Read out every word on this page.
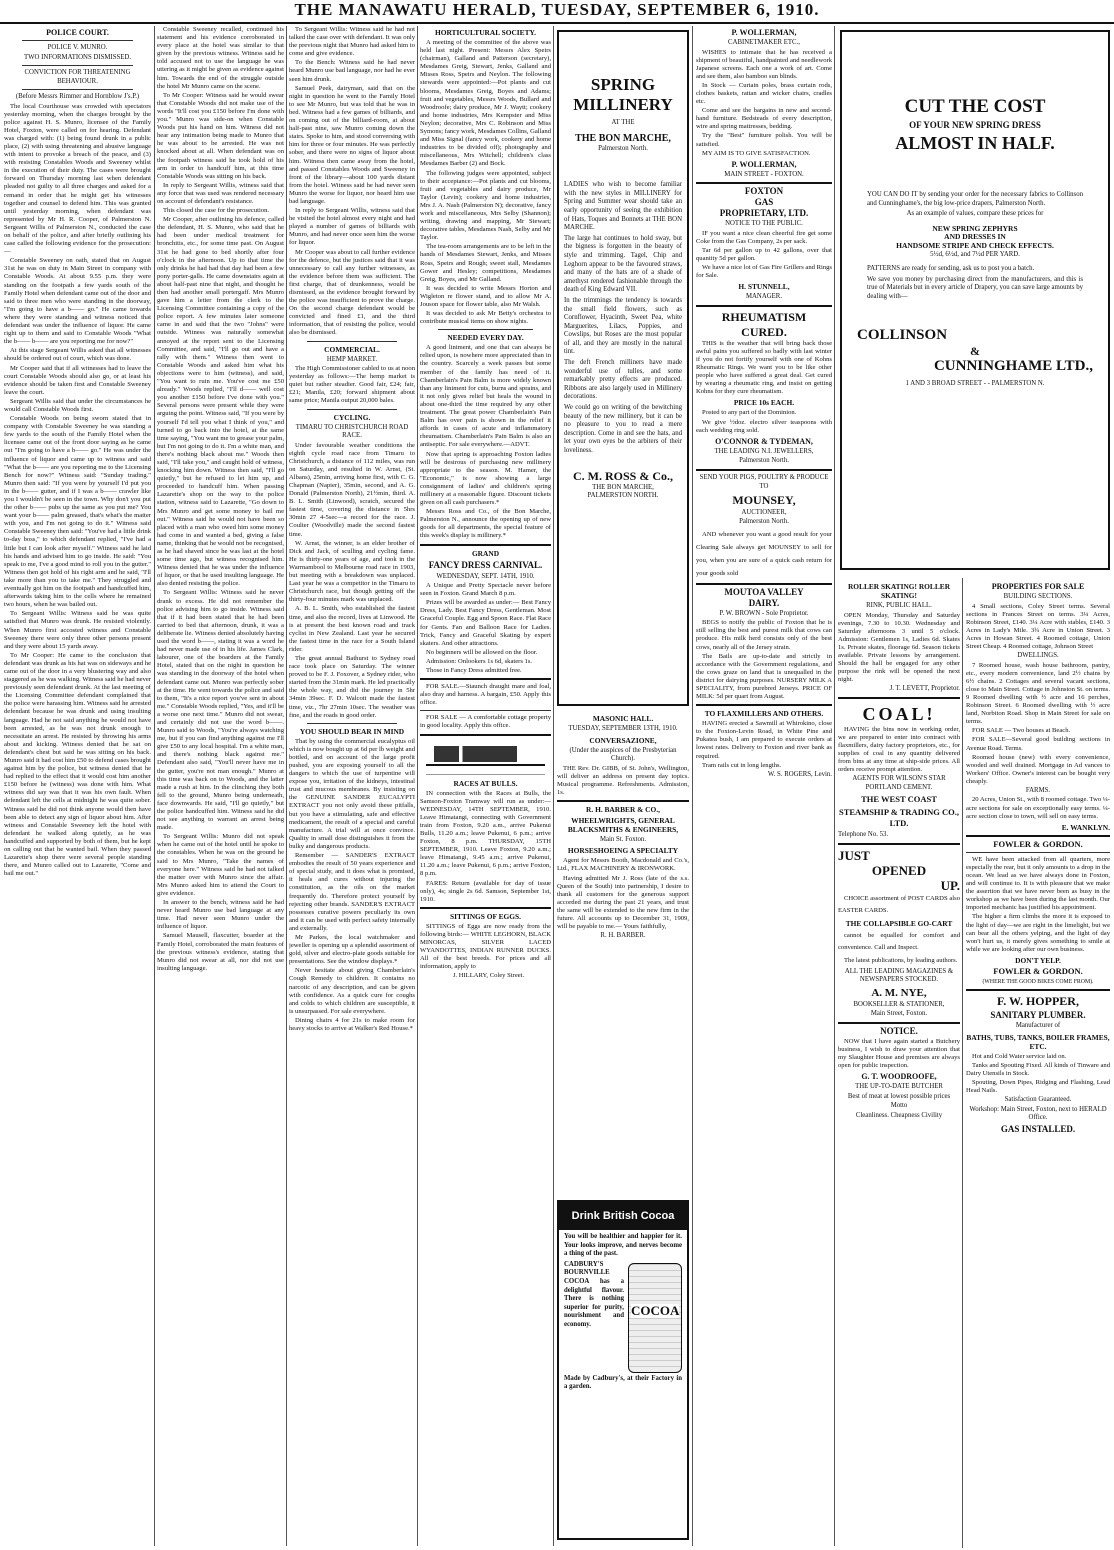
THE MANAWATU HERALD, TUESDAY, SEPTEMBER 6, 1910.
POLICE COURT.
POLICE V. MUNRO.
TWO INFORMATIONS DISMISSED.
CONVICTION FOR THREATENING BEHAVIOUR.
(Before Messrs Rimmer and Hornblow J's.P.)

The local Courthouse was crowded with spectators yesterday morning, when the charges brought by the police against H. S. Munro, licensee of the Family Hotel, Foxton, were called on for hearing. Defendant was charged with: (1) being found drunk in a public place, (2) with using threatening and abusive language with intent to provoke a breach of the peace, and (3) with resisting Constables Woods and Sweeney whilst in the execution of their duty. The cases were brought forward on Thursday morning last when defendant pleaded not guilty to all three charges and asked for a remand in order that he might get his witnesses together and counsel to defend him. This was granted until yesterday morning, when defendant was represented by Mr H. R. Cooper, of Palmerston N. Sergeant Willis of Palmerston N., conducted the case on behalf of the police, and after briefly outlining his case called the following evidence for the prosecution:—

Constable Sweeney on oath, stated that on August 31st he was on duty in Main Street in company with Constable Woods. At about 9.55 p.m. they were standing on the footpath a few yards south of the Family Hotel when defendant came out of the door and said to three men who were standing in the doorway, "I'm going to have a b—— go." He came towards where they were standing and witness noticed that defendant was under the influence of liquor. He came right up to them and said to Constable Woods "What the b—— b—— are you reporting me for now?"

At this stage Sergeant Willis asked that all witnesses should be ordered out of court, which was done.

Mr Cooper said that if all witnesses had to leave the court Constable Woods should also go, or at least his evidence should be taken first and Constable Sweeney leave the court.

Sergeant Willis said that under the circumstances he would call Constable Woods first.

Constable Woods on being sworn stated that in company with Constable Sweeney he was standing a few yards to the south of the Family Hotel when the licensee came out of the front door saying as he came out "I'm going to have a b—— go." He was under the influence of liquor and came up to witness and said "What the b—— are you reporting me to the Licensing Bench for now?" Witness said: "Sunday trading." Munro then said: "If you were by yourself I'd put you in the b—— gutter, and if I was a b—— crawler like you I wouldn't be seen in the town. Why don't you put the other b—— pubs up the same as you put me? You want your b—— palm greased, that's what's the matter with you, and I'm not going to do it." Witness said Constable Sweeney then said: "You've had a little drink to-day boss," to which defendant replied, "I've had a little but I can look after myself." Witness said he laid his hands and advised him to go inside. He said: "You speak to me, I've a good mind to roll you in the gutter." Witness then got hold of his right arm and he said, "I'll take more than you to take me." They struggled and eventually got him on the footpath and handcuffed him, afterwards taking him to the cells where he remained two hours, when he was bailed out.

To Sergeant Willis: Witness said he was quite satisfied that Munro was drunk. He resisted violently. When Munro first accosted witness and Constable Sweeney there were only three other persons present and they were about 15 yards away.

To Mr Cooper: He came to the conclusion that defendant was drunk as his hat was on sideways and he came out of the door in a very blustering way and also staggered as he was walking. Witness said he had never previously seen defendant drunk. At the last meeting of the Licensing Committee defendant complained that the police were harassing him. Witness said he arrested defendant because he was drunk and using insulting language. Had he not said anything he would not have been arrested, as he was not drunk enough to necessitate an arrest. He resisted by throwing his arms about and kicking. Witness denied that he sat on defendant's chest but said he was sitting on his back. Munro said it had cost him £50 to defend cases brought against him by the police, but witness denied that he had replied to the effect that it would cost him another £150 before he (witness) was done with him. What witness did say was that it was his own fault. When defendant left the cells at midnight he was quite sober. Witness said he did not think anyone would then have been able to detect any sign of liquor about him. After witness and Constable Sweeney left the hotel with defendant he walked along quietly, as he was handcuffed and supported by both of them, but he kept on calling out that he wanted bail. When they passed Lazarette's shop there were several people standing there, and Munro called out to Lazarette, "Come and bail me out."

Constable Sweeney recalled, continued his statement and his evidence corroborated in every place at the hotel was similar to that given by the previous witness. Witness said he told accused not to use the language he was uttering as it might be given as evidence against him. Towards the end of the struggle outside the hotel Mr Munro came on the scene.

To Mr Cooper: Witness said he would swear that Constable Woods did not make use of the words "It'll cost you £150 before I'm done with you." Munro was side-on when Constable Woods put his hand on him. Witness did not hear any intimation being made to Munro that he was about to be arrested. He was not knocked about at all. When defendant was on the footpath witness said he took hold of his arm in order to handcuff him, at this time Constable Woods was sitting on his back.

In reply to Sergeant Willis, witness said that any force that was used was rendered necessary on account of defendant's resistance.

This closed the case for the prosecution.

Mr Cooper, after outlining his defence, called the defendant, H. S. Munro, who said that he had been under medical treatment for bronchitis, etc., for some time past. On August 31st he had gone to bed shortly after four o'clock in the afternoon. Up to that time the only drinks he had had that day had been a few pony porter-galls. He came downstairs again at about half-past nine that night, and thought he then had another small portergaff. Mrs Munro gave him a letter from the clerk to the Licensing Committee containing a copy of the police report. A few minutes later someone came in and said that the two "Johns" were outside. Witness was naturally somewhat annoyed at the report sent to the Licensing Committee, and said, "I'll go out and have a rally with them." Witness then went to Constable Woods and asked him what his objections were to him (witness), and said, "You want to ruin me. You've cost me £50 already." Woods replied, "I'll d—— well cost you another £150 before I've done with you." Several persons were present while they were arguing the point. Witness said, "If you were by yourself I'd tell you what I think of you," and turned to go back into the hotel, at the same time saying, "You want me to grease your palm, but I'm not going to do it. I'm a white man, and there's nothing black about me." Woods then said, "I'll take you," and caught hold of witness, knocking him down. Witness then said, "I'll go quietly," but he refused to let him up, and proceeded to handcuff him. When passing Lazarette's shop on the way to the police station, witness said to Lazarette, "Go down to Mrs Munro and get some money to bail me out." Witness said he would not have been so placed with a man who owed him some money had come in and wanted a bed, giving a false name, thinking that he would not be recognised, as he had shaved since he was last at the hotel some time ago, but witness recognised him. Witness denied that he was under the influence of liquor, or that he used insulting language. He also denied resisting the police.

To Sergeant Willis: Witness said he never drank to excess. He did not remember the police advising him to go inside. Witness said that if it had been stated that he had been carried to bed that afternoon, drunk, it was a deliberate lie. Witness denied absolutely having used the word b——, stating it was a word he had never made use of in his life. James Clark, labourer, one of the boarders at the Family Hotel, stated that on the night in question he was standing in the doorway of the hotel when defendant came out. Munro was perfectly sober at the time. He went towards the police and said to them, "It's a nice report you've sent in about me." Constable Woods replied, "Yes, and it'll be a worse one next time." Munro did not swear, and certainly did not use the word b——. Munro said to Woods, "You're always watching me, but if you can find anything against me I'll give £50 to any local hospital. I'm a white man, and there's nothing black against me." Defendant also said, "You'll never have me in the gutter, you're not man enough." Munro at this time was back on to Woods, and the latter made a rush at him. In the clinching they both fell to the ground, Munro being underneath, face downwards. He said, "I'll go quietly," but the police handcuffed him. Witness said he did not see anything to warrant an arrest being made.

To Sergeant Willis: Munro did not speak when he came out of the hotel until he spoke to the constables. When he was on the ground he said to Mrs Munro, "Take the names of everyone here." Witness said he had not talked the matter over with Munro since the affair. Mrs Munro asked him to attend the Court to give evidence.

In answer to the bench, witness said he had never heard Munro use bad language at any time. Had never seen Munro under the influence of liquor.

Samuel Mausell, flaxcutter, boarder at the Family Hotel, corroborated the main features of the previous witness's evidence, stating that Munro did not swear at all, nor did not use insulting language.

To Sergeant Willis: Witness said he had not talked the case over with defendant. It was only the previous night that Munro had asked him to come and give evidence.

To the Bench: Witness said he had never heard Munro use bad language, nor had he ever seen him drunk.

Samuel Peek, dairyman, said that on the night in question he went to the Family Hotel to see Mr Munro, but was told that he was in bed. Witness had a few games of billiards, and on coming out of the billiard-room, at about half-past nine, saw Munro coming down the stairs. Spoke to him, and stood conversing with him for three or four minutes. He was perfectly sober, and there were no signs of liquor about him. Witness then came away from the hotel, and passed Constables Woods and Sweeney in front of the library—about 100 yards distant from the hotel. Witness said he had never seen Munro the worse for liquor, nor heard him use bad language.

In reply to Sergeant Willis, witness said that he visited the hotel almost every night and had played a number of games of billiards with Munro, and had never once seen him the worse for liquor.

Mr Cooper was about to call further evidence for the defence, but the justices said that it was unnecessary to call any further witnesses, as the evidence before them was sufficient. The first charge, that of drunkenness, would be dismissed, as the evidence brought forward by the police was insufficient to prove the charge. On the second charge defendant would be convicted and fined £1, and the third information, that of resisting the police, would also be dismissed.

COMMERCIAL.
HEMP MARKET.

The High Commissioner cabled to us at noon yesterday as follows:—The hemp market is quiet but rather steadier. Good fair, £24; fair, £21; Manila, £20; forward shipment about same price; Manila output 20,000 bales.

CYCLING.
TIMARU TO CHRISTCHURCH ROAD RACE.

Under favourable weather conditions the eighth cycle road race from Timaru to Christchurch, a distance of 112 miles, was run on Saturday, and resulted in W. Arnst, (St. Albans), 25min, arriving home first, with C. G. Chapman (Napier), 35min, second, and A. G. Donald (Palmerston North), 21½min, third. A. B. L. Smith (Linwood), scratch, secured the fastest time, covering the distance in 5hrs 30min 27 4-5sec—a record for the race. J. Coulter (Woodville) made the second fastest time.

W. Arnst, the winner, is an elder brother of Dick and Jack, of sculling and cycling fame. He is thirty-one years of age, and took in the Warrnambool to Melbourne road race in 1903, but meeting with a breakdown was unplaced. Last year he was a competitor in the Timaru to Christchurch race, but though getting off the thirty-four minutes mark was unplaced.

A. B. L. Smith, who established the fastest time, and also the record, lives at Linwood. He is at present the best known road and track cyclist in New Zealand. Last year he secured the fastest time in the race for a South Island rider.

The great annual Bathurst to Sydney road race took place on Saturday. The winner proved to be F. J. Foxover, a Sydney rider, who started from the 31min mark. He led practically the whole way, and did the journey in 5hr 34min 39sec. F. D. Walcott made the fastest time, viz., 7hr 27min 10sec. The weather was fine, and the roads in good order.

YOU SHOULD BEAR IN MIND

That by using the commercial eucalyptus oil which is now bought up at 6d per lb weight and bottled, and on account of the large profit pushed, you are exposing yourself to all the dangers to which the use of turpentine will expose you, irritation of the kidneys, intestinal trust and mucous membranes. By insisting on the GENUINE SANDER EUCALYPTI EXTRACT you not only avoid these pitfalls, but you have a stimulating, safe and effective medicament, the result of a special and careful manufacture. A trial will at once convince. Quality in small dose distinguishes it from the bulky and dangerous products.

Remember — SANDER'S EXTRACT embodies the result of 50 years experience and of special study, and it does what is promised, it heals and cures without injuring the constitution, as the oils on the market frequently do. Therefore protect yourself by rejecting other brands. SANDER'S EXTRACT possesses curative powers peculiarly its own and it can be used with perfect safety internally and externally.

Mr Parkes, the local watchmaker and jeweller is opening up a splendid assortment of gold, silver and electro-plate goods suitable for presentations. See the window displays.*

Never hesitate about giving Chamberlain's Cough Remedy to children. It contains no narcotic of any description, and can be given with confidence. As a quick cure for coughs and colds to which children are susceptible, it is unsurpassed. For sale everywhere.

Dining chairs 4 for 21s to make room for heavy stocks to arrive at Walker's Red House.*

HORTICULTURAL SOCIETY.

A meeting of the committee of the above was held last night. Present: Messrs Alex Speirs (chairman), Galland and Patterson (secretary), Mesdames Greig, Stewart, Jenks, Galland and Misses Ross, Speirs and Neylon. The following stewards were appointed:—Pot plants and cut blooms, Mesdames Greig, Boyes and Adams; fruit and vegetables, Messrs Woods, Bullard and Woodroofe; dairy produce, Mr J. Waytt; cookery and home industries, Mrs Kempster and Miss Neylon; decorative, Mrs C. Robinson and Miss Symons; fancy work, Mesdames Collins, Galland and Miss Signal (fancy work, cookery and home industries to be divided off); photography and miscellaneous, Mrs Witchell; children's class Mesdames Barber (2) and Bock.

The following judges were appointed, subject to their acceptance:—Pot plants and cut blooms, fruit and vegetables and dairy produce, Mr Taylor (Levin); cookery and home industries, Mrs J. A. Nash (Palmerston N); decorative, fancy work and miscellaneous, Mrs Selby (Shannon); writing, drawing and mapping, Mr Stewart; decorative tables, Mesdames Nash, Selby and Mr Taylor.

The tea-room arrangements are to be left in the hands of Mesdames Stewart, Jenks, and Misses Ross, Speirs and Rough; sweet stall, Mesdames Gower and Hesley; competitions, Mesdames Greig, Boyes, and Mr Galland.

It was decided to write Messrs Horton and Wigleton re flower stand, and to allow Mr A. Jouson space for flower table, also Mr Walsh.

It was decided to ask Mr Betty's orchestra to contribute musical items on show nights.

NEEDED EVERY DAY.

A good liniment, and one that can always be relied upon, is nowhere more appreciated than in the country. Scarcely a week passes but some member of the family has need of it. Chamberlain's Pain Balm is more widely known than any liniment for cuts, burns and sprains, and it not only gives relief but heals the wound in about one-third the time required by any other treatment. The great power Chamberlain's Pain Balm has over pain is shown in the relief it affords in cases of acute and inflammatory rheumatism. Chamberlain's Pain Balm is also an antiseptic. For sale everywhere.—ADVT.

Now that spring is approaching Foxton ladies will be desirous of purchasing new millinery appropriate to the season. M. Hamer, the "Economic," is now showing a large consignment of ladies' and children's spring millinery at a reasonable figure. Discount tickets given on all cash purchasers.*

Messrs Ross and Co., of the Bon Marche, Palmerston N., announce the opening up of new goods for all departments, the special feature of this week's display is millinery.*

GRAND
FANCY DRESS CARNIVAL.
WEDNESDAY, SEPT. 14TH, 1910.

A Unique and Pretty Spectacle never before seen in Foxton. Grand March 8 p.m.

Prizes will be awarded as under:— Best Fancy Dress, Lady. Best Fancy Dress, Gentleman. Most Graceful Couple. Egg and Spoon Race. Flat Race for Gents. Fan and Balloon Race for Ladies. Trick, Fancy and Graceful Skating by expert skaters. And other attractions.

No beginners will be allowed on the floor.

Admission: Onlookers 1s 6d, skaters 1s.

Those in Fancy Dress admitted free.

FOR SALE.—Staunch draught mare and foal, also dray and harness. A bargain, £50. Apply this office.

FOR SALE — A comfortable cottage property in good locality. Apply this office.

RACES AT BULLS.

IN connection with the Races at Bulls, the Samson-Foxton Tramway will run as under:— WEDNESDAY, 14TH SEPTEMBER, 1910. Leave Himatangi, connecting with Government train from Foxton, 9.20 a.m., arrive Pukenui Bulls, 11.20 a.m.; leave Pukenui, 6 p.m.; arrive Foxton, 8 p.m. THURSDAY, 15TH SEPTEMBER, 1910. Leave Foxton, 9.20 a.m.; leave Himatangi, 9.45 a.m.; arrive Pukenui, 11.20 a.m.; leave Pukenui, 6 p.m.; arrive Foxton, 8 p.m.

FARES: Return (available for day of issue only), 4s; single 2s 6d. Samson, September 1st, 1910.

SITTINGS OF EGGS.

SITTINGS of Eggs are now ready from the following birds:— WHITE LEGHORN, BLACK MINORCAS, SILVER LACED WYANDOTTES, INDIAN RUNNER DUCKS. All of the best breeds. For prices and all information, apply to

J. HILLARY, Coley Street.

SPRING
MILLINERY
AT THE
THE BON MARCHE,
Palmerston North.

LADIES who wish to become familiar with the new styles in MILLINERY for Spring and Summer wear should take an early opportunity of seeing the exhibition of Hats, Toques and Bonnets at THE BON MARCHE.

The large hat continues to hold sway, but the bigness is forgotten in the beauty of style and trimming. Tagel, Chip and Leghorn appear to be the favoured straws, and many of the hats are of a shade of amethyst rendered fashionable through the death of King Edward VII.

In the trimmings the tendency is towards the small field flowers, such as Cornflower, Hyacinth, Sweet Pea, white Marguerites, Lilacs, Poppies, and Cowslips, but Roses are the most popular of all, and they are mostly in the natural tint.

The deft French milliners have made wonderful use of tulles, and some remarkably pretty effects are produced. Ribbons are also largely used in Millinery decorations.

We could go on writing of the bewitching beauty of the new millinery, but it can be no pleasure to you to read a mere description. Come in and see the hats, and let your own eyes be the arbiters of their loveliness.

C. M. ROSS & Co.,
THE BON MARCHE,
PALMERSTON NORTH.
MASONIC HALL.
TUESDAY, SEPTEMBER 13TH, 1910.
CONVERSAZIONE,
(Under the auspices of the Presbyterian Church).

THE Rev. Dr. GIBB, of St. John's, Wellington, will deliver an address on present day topics. Musical programme. Refreshments. Admission, 1s.

R. H. BARBER & CO.,
WHEELWRIGHTS, GENERAL BLACKSMITHS & ENGINEERS,
Main St. Foxton.
HORSESHOEING A SPECIALTY

Agent for Messrs Booth, Macdonald and Co.'s, Ltd., FLAX MACHINERY & IRONWORK.

Having admitted Mr J. Ross (late of the s.s. Queen of the South) into partnership, I desire to thank all customers for the generous support accorded me during the past 21 years, and trust the same will be extended to the new firm in the future. All accounts up to December 31, 1909, will be payable to me.— Yours faithfully,

R. H. BARBER.
Drink British Cocoa

You will be healthier and happier for it. Your looks improve, and nerves become a thing of the past.

COCOA

CADBURY'S BOURNVILLE COCOA has a delightful flavour. There is nothing superior for purity, nourishment and economy.

Made by Cadbury's, at their Factory in a garden.

P. WOLLERMAN,
CABINETMAKER ETC.,

WISHES to intimate that he has received a shipment of beautiful, handpainted and needlework Japanese screens. Each one a work of art. Come and see them, also bamboo sun blinds.

In Stock — Curtain poles, brass curtain rods, clothes baskets, rattan and wicker chairs, cradles etc.

Come and see the bargains in new and second-hand furniture. Bedsteads of every description, wire and spring mattresses, bedding.

Try the "Best" furniture polish. You will be satisfied.

MY AIM IS TO GIVE SATISFACTION.

P. WOLLERMAN,
MAIN STREET - FOXTON.
FOXTON
GAS
PROPRIETARY, LTD.
NOTICE TO THE PUBLIC.

IF you want a nice clean cheerful fire get some Coke from the Gas Company, 2s per sack.

Tar 6d per gallon up to 42 gallons, over that quantity 5d per gallon.

We have a nice lot of Gas Fire Grillers and Rings for Sale.

H. STUNNELL,
MANAGER.
RHEUMATISM
CURED.

THIS is the weather that will bring back those awful pains you suffered so badly with last winter if you do not fortify yourself with one of Kohns Rheumatic Rings. We want you to be like other people who have suffered a great deal. Get cured by wearing a rheumatic ring, and insist on getting Kohns for they cure rheumatism.

PRICE 10s EACH.

Posted to any part of the Dominion.

We give ½doz. electro silver teaspoons with each wedding ring sold.

O'CONNOR & TYDEMAN,
THE LEADING N.I. JEWELLERS,
Palmerston North.
SEND YOUR PIGS, POULTRY & PRODUCE
TO
MOUNSEY,
AUCTIONEER,
Palmerston North.

AND whenever you want a good result for your Clearing Sale always get MOUNSEY to sell for you, when you are sure of a quick cash return for your goods sold

MOUTOA VALLEY
DAIRY.
P. W. BROWN - Sole Proprietor.

BEGS to notify the public of Foxton that he is still selling the best and purest milk that cows can produce. His milk herd consists only of the best cows, nearly all of the Jersey strain.

The Bails are up-to-date and strictly in accordance with the Government regulations, and the cows graze on land that is unequalled in the district for dairying purposes. NURSERY MILK A SPECIALITY, from purebred Jerseys. PRICE OF MILK: 5d per quart from August.

TO FLAXMILLERS AND OTHERS.

HAVING erected a Sawmill at Whirokino, close to the Foxton-Levin Road, in White Pine and Pukatea bush, I am prepared to execute orders at lowest rates. Delivery to Foxton and river bank as required.

Tram rails cut in long lengths.

W. S. ROGERS, Levin.
CUT THE COST
OF YOUR NEW SPRING DRESS
ALMOST IN HALF.

YOU CAN DO IT by sending your order for the necessary fabrics to Collinson and Cunninghame's, the big low-price drapers, Palmerston North.

As an example of values, compare these prices for

NEW SPRING ZEPHYRS
AND DRESSES IN
HANDSOME STRIPE AND CHECK EFFECTS.
5½d, 6½d, and 7½d PER YARD.

PATTERNS are ready for sending, ask us to post you a batch.

We save you money by purchasing direct from the manufacturers, and this is true of Materials but in every article of Drapery, you can save large amounts by dealing with—

COLLINSON
&
CUNNINGHAME LTD.,
1 AND 3 BROAD STREET - - PALMERSTON N.
ROLLER SKATING! ROLLER SKATING!
RINK, PUBLIC HALL.

OPEN Monday, Thursday and Saturday evenings, 7.30 to 10.30. Wednesday and Saturday afternoons 3 until 5 o'clock. Admission: Gentlemen 1s, Ladies 6d. Skates 1s. Private skates, floorage 6d. Season tickets available. Private lessons by arrangement. Should the hall be engaged for any other purpose the rink will be opened the next night.

J. T. LEVETT, Proprietor.
COAL!

HAVING the bins now in working order, we are prepared to enter into contract with flaxmillers, dairy factory proprietors, etc., for supplies of coal in any quantity delivered from bins at any time at ship-side prices. All orders receive prompt attention.

AGENTS FOR WILSON'S STAR PORTLAND CEMENT.
THE WEST COAST
STEAMSHIP & TRADING CO., LTD.
Telephone No. 53.
JUST
OPENED
UP.

CHOICE assortment of POST CARDS also EASTER CARDS.

THE COLLAPSIBLE GO-CART

cannot be equalled for comfort and convenience. Call and Inspect.

The latest publications, by leading authors.

ALL THE LEADING MAGAZINES & NEWSPAPERS STOCKED.
A. M. NYE,
BOOKSELLER & STATIONER,
Main Street, Foxton.
NOTICE.

NOW that I have again started a Butchery business, I wish to draw your attention that my Slaughter House and premises are always open for public inspection.

G. T. WOODROOFE,
THE UP-TO-DATE BUTCHER
Best of meat at lowest possible prices
Motto
Cleanliness. Cheapness Civility
PROPERTIES FOR SALE
BUILDING SECTIONS.

4 Small sections, Coley Street terms. Several sections in Frances Street on terms. 3¼ Acres, Robinson Street, £140. 3¼ Acre with stables, £140. 3 Acres in Lady's Mile. 3¾ Acre in Union Street. 3 Acres in Howan Street. 4 Roomed cottage, Union Street Cheap. 4 Roomed cottage, Johnson Street

DWELLINGS.

7 Roomed house, wash house bathroom, pantry, etc., every modern convenience, land 2½ chains by 6½ chains. 2 Cottages and several vacant sections, close to Main Street. Cottage in Johnston St. on terms. 9 Roomed dwelling with ½ acre and 16 perches, Robinson Street. 6 Roomed dwelling with ½ acre land, Norbiton Road. Shop in Main Street for sale on terms.

FOR SALE — Two houses at Beach.

FOR SALE—Several good building sections in Avenue Road. Terms.

Roomed house (new) with every convenience, wooded and well drained. Mortgage in Ad vances to Workers' Office. Owner's interest can be bought very cheaply.

FARMS.

20 Acres, Union St., with 8 roomed cottage. Two ¼-acre sections for sale on exceptionally easy terms. ¼-acre section close to town, will sell on easy terms.

E. WANKLYN.
FOWLER & GORDON.

WE have been attacked from all quarters, more especially the rear, but it only amounts to a drop in the ocean. We lead as we have always done in Foxton, and will continue to. It is with pleasure that we make the assertion that we have never been as busy in the workshop as we have been during the last month. Our imported mechanic has justified his appointment.

The higher a firm climbs the more it is exposed to the light of day—we are right in the limelight, but we can bear all the others yelping, and the light of day won't hurt us, it merely gives something to smile at while we are looking after our own business.

DON'T YELP.
FOWLER & GORDON.
(WHERE THE GOOD BIKES COME FROM).
F. W. HOPPER,
SANITARY PLUMBER.
Manufacturer of
BATHS, TUBS, TANKS, BOILER FRAMES, ETC.

Hot and Cold Water service laid on.

Tanks and Spouting Fixed. All kinds of Tinware and Dairy Utensils in Stock.

Spouting, Down Pipes, Ridging and Flashing, Lead Head Nails.

Satisfaction Guaranteed.
Workshop: Main Street, Foxton, next to HERALD Office.
GAS INSTALLED.
